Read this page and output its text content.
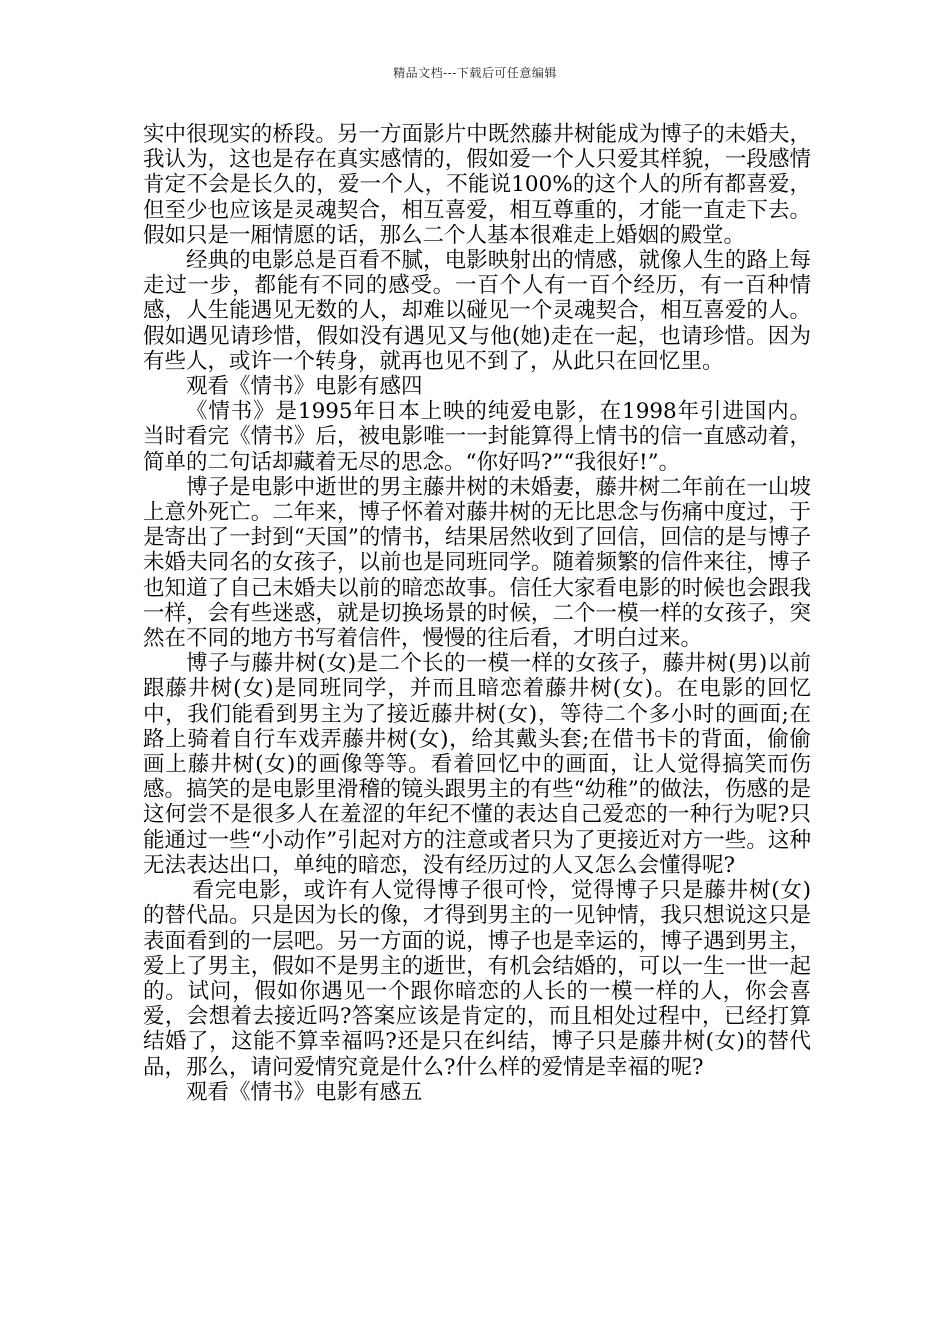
精品文档---下载后可任意编辑

实中很现实的桥段。另一方面影片中既然藤井树能成为博子的未婚夫，我认为，这也是存在真实感情的，假如爱一个人只爱其样貌，一段感情肯定不会是长久的，爱一个人，不能说100%的这个人的所有都喜爱，但至少也应该是灵魂契合，相互喜爱，相互尊重的，才能一直走下去。假如只是一厢情愿的话，那么二个人基本很难走上婚姻的殿堂。

经典的电影总是百看不腻，电影映射出的情感，就像人生的路上每走过一步，都能有不同的感受。一百个人有一百个经历，有一百种情感，人生能遇见无数的人，却难以碰见一个灵魂契合，相互喜爱的人。假如遇见请珍惜，假如没有遇见又与他(她)走在一起，也请珍惜。因为有些人，或许一个转身，就再也见不到了，从此只在回忆里。

观看《情书》电影有感四

《情书》是1995年日本上映的纯爱电影，在1998年引进国内。当时看完《情书》后，被电影唯一一封能算得上情书的信一直感动着，简单的二句话却藏着无尽的思念。“你好吗?”“我很好!”。

博子是电影中逝世的男主藤井树的未婚妻，藤井树二年前在一山坡上意外死亡。二年来，博子怀着对藤井树的无比思念与伤痛中度过，于是寄出了一封到“天国”的情书，结果居然收到了回信，回信的是与博子未婚夫同名的女孩子，以前也是同班同学。随着频繁的信件来往，博子也知道了自己未婚夫以前的暗恋故事。信任大家看电影的时候也会跟我一样，会有些迷惑，就是切换场景的时候，二个一模一样的女孩子，突然在不同的地方书写着信件，慢慢的往后看，才明白过来。

博子与藤井树(女)是二个长的一模一样的女孩子，藤井树(男)以前跟藤井树(女)是同班同学，并而且暗恋着藤井树(女)。在电影的回忆中，我们能看到男主为了接近藤井树(女)，等待二个多小时的画面;在路上骑着自行车戏弄藤井树(女)，给其戴头套;在借书卡的背面，偷偷画上藤井树(女)的画像等等。看着回忆中的画面，让人觉得搞笑而伤感。搞笑的是电影里滑稽的镜头跟男主的有些“幼稚”的做法，伤感的是这何尝不是很多人在羞涩的年纪不懂的表达自己爱恋的一种行为呢?只能通过一些“小动作”引起对方的注意或者只为了更接近对方一些。这种无法表达出口，单纯的暗恋，没有经历过的人又怎么会懂得呢?

看完电影，或许有人觉得博子很可怜，觉得博子只是藤井树(女)的替代品。只是因为长的像，才得到男主的一见钟情，我只想说这只是表面看到的一层吧。另一方面的说，博子也是幸运的，博子遇到男主，爱上了男主，假如不是男主的逝世，有机会结婚的，可以一生一世一起的。试问，假如你遇见一个跟你暗恋的人长的一模一样的人，你会喜爱，会想着去接近吗?答案应该是肯定的，而且相处过程中，已经打算结婚了，这能不算幸福吗?还是只在纠结，博子只是藤井树(女)的替代品，那么，请问爱情究竟是什么?什么样的爱情是幸福的呢?

观看《情书》电影有感五
